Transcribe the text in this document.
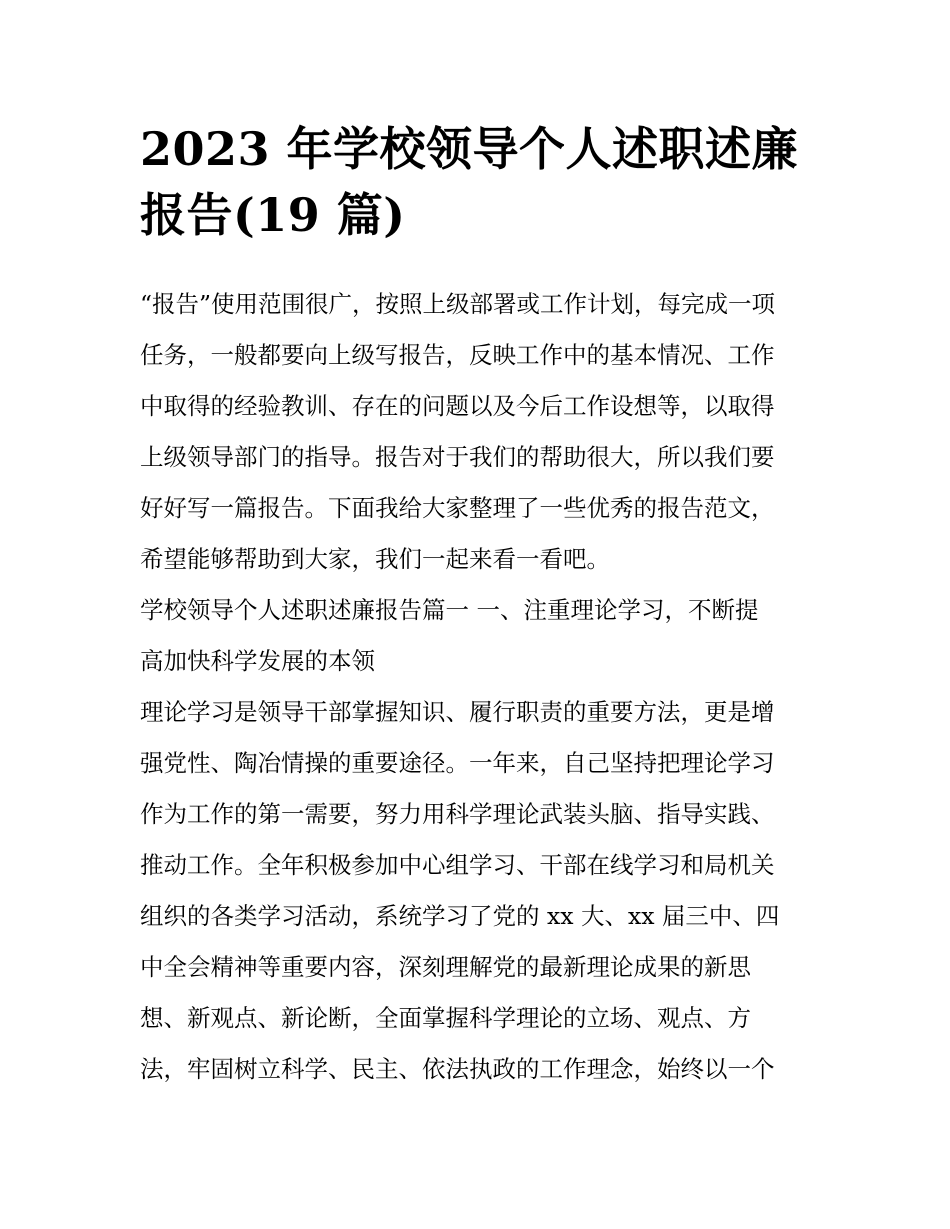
2023 年学校领导个人述职述廉
报告(19 篇)
“报告”使用范围很广，按照上级部署或工作计划，每完成一项
任务，一般都要向上级写报告，反映工作中的基本情况、工作
中取得的经验教训、存在的问题以及今后工作设想等，以取得
上级领导部门的指导。报告对于我们的帮助很大，所以我们要
好好写一篇报告。下面我给大家整理了一些优秀的报告范文，
希望能够帮助到大家，我们一起来看一看吧。
学校领导个人述职述廉报告篇一 一、注重理论学习，不断提
高加快科学发展的本领
理论学习是领导干部掌握知识、履行职责的重要方法，更是增
强党性、陶冶情操的重要途径。一年来，自己坚持把理论学习
作为工作的第一需要，努力用科学理论武装头脑、指导实践、
推动工作。全年积极参加中心组学习、干部在线学习和局机关
组织的各类学习活动，系统学习了党的 xx 大、xx 届三中、四
中全会精神等重要内容，深刻理解党的最新理论成果的新思
想、新观点、新论断，全面掌握科学理论的立场、观点、方
法，牢固树立科学、民主、依法执政的工作理念，始终以一个
